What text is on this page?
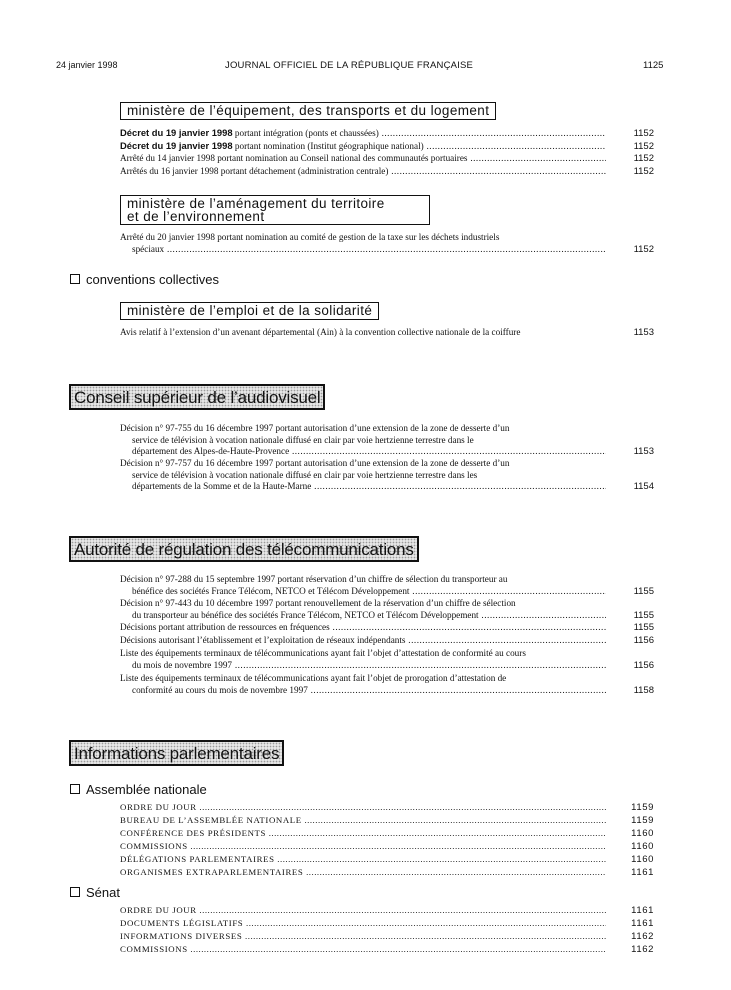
24 janvier 1998	JOURNAL OFFICIEL DE LA RÉPUBLIQUE FRANÇAISE	1125
ministère de l’équipement, des transports et du logement
Décret du 19 janvier 1998 portant intégration (ponts et chaussées) .....	1152
Décret du 19 janvier 1998 portant nomination (Institut géographique national) .....	1152
Arrêté du 14 janvier 1998 portant nomination au Conseil national des communautés portuaires .....	1152
Arrêtés du 16 janvier 1998 portant détachement (administration centrale) .....	1152
ministère de l’aménagement du territoire
et de l’environnement
Arrêté du 20 janvier 1998 portant nomination au comité de gestion de la taxe sur les déchets industriels
spéciaux .....	1152
conventions collectives
ministère de l’emploi et de la solidarité
Avis relatif à l’extension d’un avenant départemental (Ain) à la convention collective nationale de la coiffure	1153
Conseil supérieur de l’audiovisuel
Décision n° 97-755 du 16 décembre 1997 portant autorisation d’une extension de la zone de desserte d’un
service de télévision à vocation nationale diffusé en clair par voie hertzienne terrestre dans le
département des Alpes-de-Haute-Provence .....	1153
Décision n° 97-757 du 16 décembre 1997 portant autorisation d’une extension de la zone de desserte d’un
service de télévision à vocation nationale diffusé en clair par voie hertzienne terrestre dans les
départements de la Somme et de la Haute-Marne .....	1154
Autorité de régulation des télécommunications
Décision n° 97-288 du 15 septembre 1997 portant réservation d’un chiffre de sélection du transporteur au
bénéfice des sociétés France Télécom, NETCO et Télécom Développement .....	1155
Décision n° 97-443 du 10 décembre 1997 portant renouvellement de la réservation d’un chiffre de sélection
du transporteur au bénéfice des sociétés France Télécom, NETCO et Télécom Développement .....	1155
Décisions portant attribution de ressources en fréquences .....	1155
Décisions autorisant l’établissement et l’exploitation de réseaux indépendants .....	1156
Liste des équipements terminaux de télécommunications ayant fait l’objet d’attestation de conformité au cours
du mois de novembre 1997 .....	1156
Liste des équipements terminaux de télécommunications ayant fait l’objet de prorogation d’attestation de
conformité au cours du mois de novembre 1997 .....	1158
Informations parlementaires
Assemblée nationale
ORDRE DU JOUR .....	1159
BUREAU DE L’ASSEMBLÉE NATIONALE .....	1159
CONFÉRENCE DES PRÉSIDENTS .....	1160
COMMISSIONS .....	1160
DÉLÉGATIONS PARLEMENTAIRES .....	1160
ORGANISMES EXTRAPARLEMENTAIRES .....	1161
Sénat
ORDRE DU JOUR .....	1161
DOCUMENTS LÉGISLATIFS .....	1161
INFORMATIONS DIVERSES .....	1162
COMMISSIONS .....	1162
